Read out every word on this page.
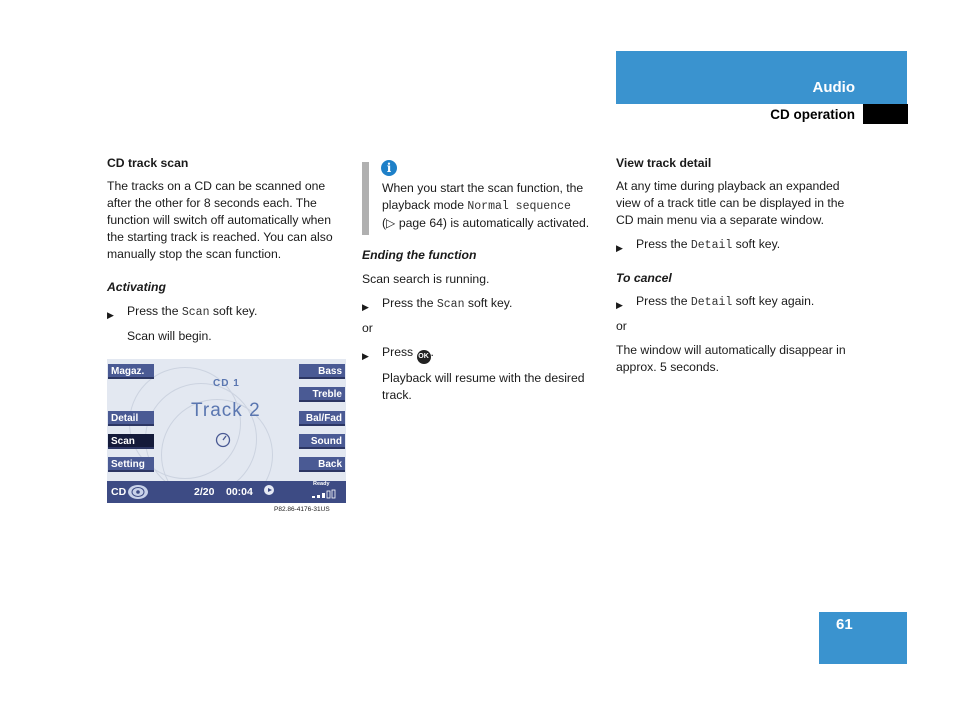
Audio
CD operation
CD track scan
The tracks on a CD can be scanned one
after the other for 8 seconds each. The
function will switch off automatically when
the starting track is reached. You can also
manually stop the scan function.
Activating
▶ Press the Scan soft key.
Scan will begin.
Magaz.
Detail
Scan
Setting
Bass
Treble
Bal/Fad
Sound
Back
CD 1
Track 2
CD	2/20 00:04
Ready
P82.86-4176-31US
i
When you start the scan function, the
playback mode Normal sequence
(▷ page 64) is automatically activated.
Ending the function
Scan search is running.
▶ Press the Scan soft key.
or
▶ Press OK .
Playback will resume with the desired
track.
View track detail
At any time during playback an expanded
view of a track title can be displayed in the
CD main menu via a separate window.
▶ Press the Detail soft key.
To cancel
▶ Press the Detail soft key again.
or
The window will automatically disappear in
approx. 5 seconds.
61
